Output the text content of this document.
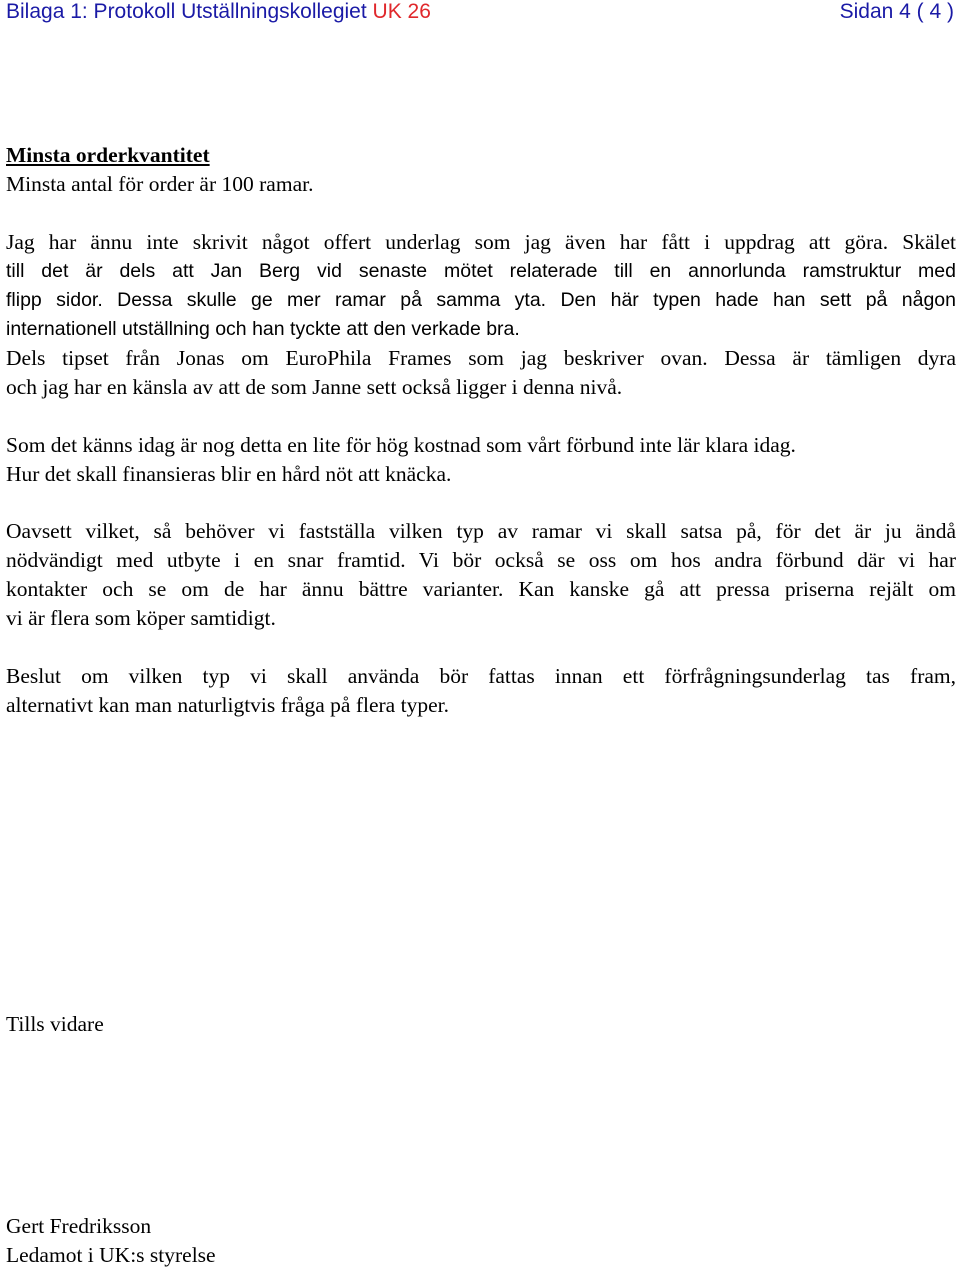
Bilaga 1: Protokoll Utställningskollegiet UK 26	Sidan 4 ( 4 )

Minsta orderkvantitet

Minsta antal för order är 100 ramar.

Jag har ännu inte skrivit något offert underlag som jag även har fått i uppdrag att göra. Skälet

till det är dels att Jan Berg vid senaste mötet relaterade till en annorlunda ramstruktur med

flipp sidor. Dessa skulle ge mer ramar på samma yta. Den här typen hade han sett på någon

internationell utställning och han tyckte att den verkade bra.

Dels tipset från Jonas om EuroPhila Frames som jag beskriver ovan. Dessa är tämligen dyra

och jag har en känsla av att de som Janne sett också ligger i denna nivå.

Som det känns idag är nog detta en lite för hög kostnad som vårt förbund inte lär klara idag.

Hur det skall finansieras blir en hård nöt att knäcka.

Oavsett vilket, så behöver vi fastställa vilken typ av ramar vi skall satsa på, för det är ju ändå

nödvändigt med utbyte i en snar framtid. Vi bör också se oss om hos andra förbund där vi har

kontakter och se om de har ännu bättre varianter. Kan kanske gå att pressa priserna rejält om

vi är flera som köper samtidigt.

Beslut om vilken typ vi skall använda bör fattas innan ett förfrågningsunderlag tas fram,

alternativt kan man naturligtvis fråga på flera typer.

Tills vidare

Gert Fredriksson

Ledamot i UK:s styrelse
